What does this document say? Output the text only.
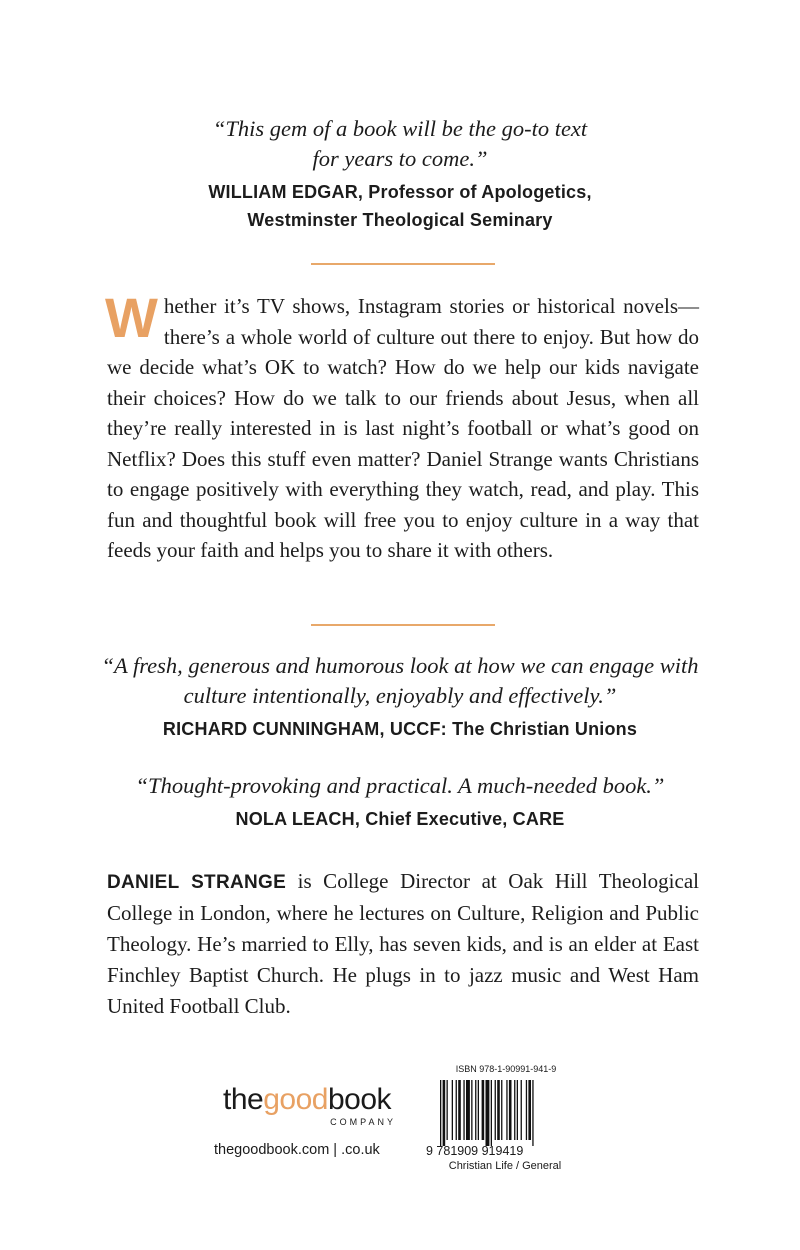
“This gem of a book will be the go-to text
for years to come.”

WILLIAM EDGAR, Professor of Apologetics,
Westminster Theological Seminary

Whether it’s TV shows, Instagram stories or historical novels—there’s a whole world of culture out there to enjoy. But how do we decide what’s OK to watch? How do we help our kids navigate their choices? How do we talk to our friends about Jesus, when all they’re really interested in is last night’s football or what’s good on Netflix? Does this stuff even matter? Daniel Strange wants Christians to engage positively with everything they watch, read, and play. This fun and thoughtful book will free you to enjoy culture in a way that feeds your faith and helps you to share it with others.

“A fresh, generous and humorous look at how we can engage with
culture intentionally, enjoyably and effectively.”

RICHARD CUNNINGHAM, UCCF: The Christian Unions

“Thought-provoking and practical. A much-needed book.”

NOLA LEACH, Chief Executive, CARE

DANIEL STRANGE is College Director at Oak Hill Theological College in London, where he lectures on Culture, Religion and Public Theology. He’s married to Elly, has seven kids, and is an elder at East Finchley Baptist Church. He plugs in to jazz music and West Ham United Football Club.
thegoodbook
COMPANY
thegoodbook.com | .co.uk
ISBN 978-1-90991-941-9
9 781909 919419
Christian Life / General
